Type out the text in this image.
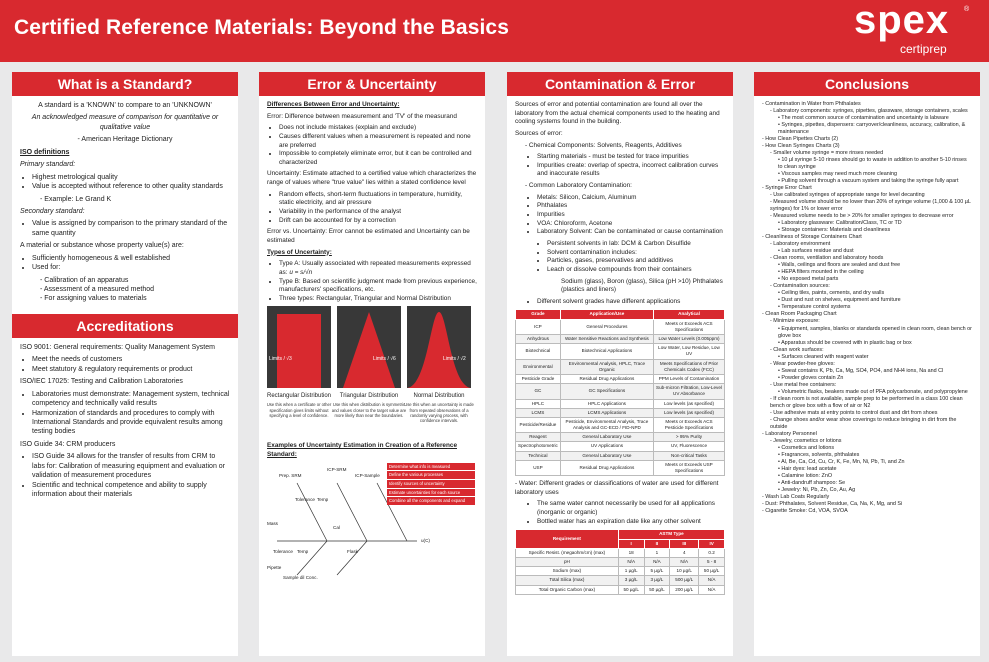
Certified Reference Materials: Beyond the Basics	spex ®
certiprep
What is a Standard?

A standard is a 'KNOWN' to compare to an 'UNKNOWN'

An acknowledged measure of comparison for quantitative or qualitative value

- American Heritage Dictionary

ISO definitions

Primary standard:

• Highest metrological quality
• Value is accepted without reference to other quality standards

- Example: Le Grand K

Secondary standard:

• Value is assigned by comparison to the primary standard of the same quantity

A material or substance whose property value(s) are:

• Sufficiently homogeneous & well established
• Used for:

- Calibration of an apparatus

- Assessment of a measured method

- For assigning values to materials

Accreditations

ISO 9001: General requirements: Quality Management System

• Meet the needs of customers
• Meet statutory & regulatory requirements or product

ISO/IEC 17025: Testing and Calibration Laboratories

• Laboratories must demonstrate: Management system, technical competency and technically valid results
• Harmonization of standards and procedures to comply with International Standards and provide equivalent results among testing bodies

ISO Guide 34: CRM producers

• ISO Guide 34 allows for the transfer of results from CRM to labs for: Calibration of measuring equipment and evaluation or validation of measurement procedures
• Scientific and technical competence and ability to supply information about their materials
Error & Uncertainty

Differences Between Error and Uncertainty:

Error: Difference between measurement and 'TV' of the measurand

• Does not include mistakes (explain and exclude)
• Causes different values when a measurement is repeated and none are preferred
• Impossible to completely eliminate error, but it can be controlled and characterized

Uncertainty: Estimate attached to a certified value which characterizes the range of values where "true value" lies within a stated confidence level

• Random effects, short-term fluctuations in temperature, humidity, static electricity, and air pressure
• Variability in the performance of the analyst
• Drift can be accounted for by a correction

Error vs. Uncertainty: Error cannot be estimated and Uncertainty can be estimated

Types of Uncertainty:

• Type A: Usually associated with repeated measurements expressed as: u = s/√n
• Type B: Based on scientific judgment made from previous experience, manufacturers' specifications, etc.
• Three types: Rectangular, Triangular and Normal Distribution
Limits / √3	Limits / √6	Limits / √2
Rectangular Distribution	Triangular Distribution	Normal Distribution
Use this when a certificate or other specification gives limits without specifying a level of confidence.
Use this when distribution is symmetric and values closer to the target value are more likely than near the boundaries.
Use this when an uncertainty is made from repeated observations of a randomly varying process, with confidence intervals.

Examples of Uncertainty Estimation in Creation of a Reference Standard:

Prep. SRM
ICP-SRM
ICP-Sample
Tolerance Temp
Mass
Cal
Tolerance Temp	Flask
Pipette
Sample dil Conc.
u(C)
Determine what info is measured
Define the various processes
Identify sources of uncertainty
Estimate uncertainties for each source
Combine all the components and expand
Contamination & Error

Sources of error and potential contamination are found all over the laboratory from the actual chemical components used to the heating and cooling systems found in the building.

Sources of error:

- Chemical Components: Solvents, Reagents, Additives

• Starting materials - must be tested for trace impurities
• Impurities create: overlap of spectra, incorrect calibration curves and inaccurate results

- Common Laboratory Contamination:

• Metals: Silicon, Calcium, Aluminum
• Phthalates
• Impurities
• VOA: Chloroform, Acetone
• Laboratory Solvent: Can be contaminated or cause contamination
• Persistent solvents in lab: DCM & Carbon Disulfide
• Solvent contamination includes:
• Particles, gases, preservatives and additives
• Leach or dissolve compounds from their containers

Sodium (glass), Boron (glass), Silica (pH >10) Phthalates (plastics and liners)

• Different solvent grades have different applications
Grade	Application/Use	Analytical
ICP	General Procedures	Meets or Exceeds ACS Specifications
Anhydrous	Water Sensitive Reactions and Synthesis	Low Water Levels (0.005ppm)
Biotechnical	Biotechnical Applications	Low Water, Low Residue, Low UV
Environmental	Environmental Analysis, HPLC, Trace Organic	Meets Specifications of Prior Chemicals Codex (FCC)
Pesticide Grade	Residual Drug Applications	PPM Levels of Contamination
GC	GC Specifications	Sub-micron Filtration, Low-Level UV Absorbance
HPLC	HPLC Applications	Low levels (as specified)
LCMS	LCMS Applications	Low levels (as specified)
Pesticide/Residue	Pesticide, Environmental Analysis, Trace Analysis and GC-ECD / FID-NPD	Meets or Exceeds ACS Pesticide Specifications
Reagent	General Laboratory Use	> 95% Purity
Spectrophotometric	UV Applications	UV, Fluorescence
Technical	General Laboratory Use	Non-critical Tasks
USP	Residual Drug Applications	Meets or Exceeds USP Specifications

- Water: Different grades or classifications of water are used for different laboratory uses

• The same water cannot necessarily be used for all applications (inorganic or organic)
• Bottled water has an expiration date like any other solvent
Requirement	ASTM Type			
	I	II	III	IV
Specific Resist. (megaohm/cm) (max)	18	1	4	0.2
pH	N/A	N/A	N/A	5 - 8
Sodium (max)	1 µg/L	5 µg/L	10 µg/L	50 µg/L
Total Silica (max)	3 µg/L	3 µg/L	500 µg/L	N/A
Total Organic Carbon (max)	50 µg/L	50 µg/L	200 µg/L	N/A
Conclusions
- Contamination in Water from Phthalates
- Laboratory components: syringes, pipettes, glassware, storage containers, scales
• The most common source of contamination and uncertainty is labware
• Syringes, pipettes, dispensers: carryover/cleanliness, accuracy, calibration, & maintenance
- How Clean Pipettes Charts (2)
- How Clean Syringes Charts (3)
- Smaller volume syringe = more rinses needed
• 10 µl syringe 5-10 rinses should go to waste in addition to another 5-10 rinses to clean syringe
• Viscous samples may need much more cleaning
• Pulling solvent through a vacuum system and taking the syringe fully apart
- Syringe Error Chart
- Use calibrated syringes of appropriate range for level decanting
- Measured volume should be no lower than 20% of syringe volume (1,000 & 100 µL syringes) for 1% or lower error
- Measured volume needs to be > 20% for smaller syringes to decrease error
• Laboratory glassware: Calibration/Class, TC or TD
• Storage containers: Materials and cleanliness
- Cleanliness of Storage Containers Chart
- Laboratory environment
• Lab surfaces residue and dust
- Clean rooms, ventilation and laboratory hoods
• Walls, ceilings and floors are sealed and dust free
• HEPA filters mounted in the ceiling
• No exposed metal parts
- Contamination sources:
• Ceiling tiles, paints, cements, and dry walls
• Dust and rust on shelves, equipment and furniture
• Temperature control systems
- Clean Room Packaging Chart
- Minimize exposure:
• Equipment, samples, blanks or standards opened in clean room, clean bench or glove box
• Apparatus should be covered with in plastic bag or box
- Clean work surfaces:
• Surfaces cleaned with reagent water
- Wear powder-free gloves:
• Sweat contains K, Pb, Ca, Mg, SO4, PO4, and NH4 ions, Na and Cl
• Powder gloves contain Zn
- Use metal free containers:
• Volumetric flasks, beakers made out of PFA polycarbonate, and polypropylene
- If clean room is not available, sample prep to be performed in a class 100 clean bench or glove box with a flow of air or N2
- Use adhesive mats at entry points to control dust and dirt from shoes
- Change shoes and/or wear shoe coverings to reduce bringing in dirt from the outside
- Laboratory Personnel
- Jewelry, cosmetics or lotions
• Cosmetics and lotions
• Fragrances, solvents, phthalates
• Al, Be, Ca, Cd, Cu, Cr, K, Fe, Mn, Ni, Pb, Ti, and Zn
• Hair dyes: lead acetate
• Calamine lotion: ZnO
• Anti-dandruff shampoo: Se
• Jewelry: Ni, Pb, Zn, Co, Au, Ag
- Wash Lab Coats Regularly
- Dust: Phthalates, Solvent Residue, Ca, Na, K, Mg, and Si
- Cigarette Smoke: Cd, VOA, SVOA
